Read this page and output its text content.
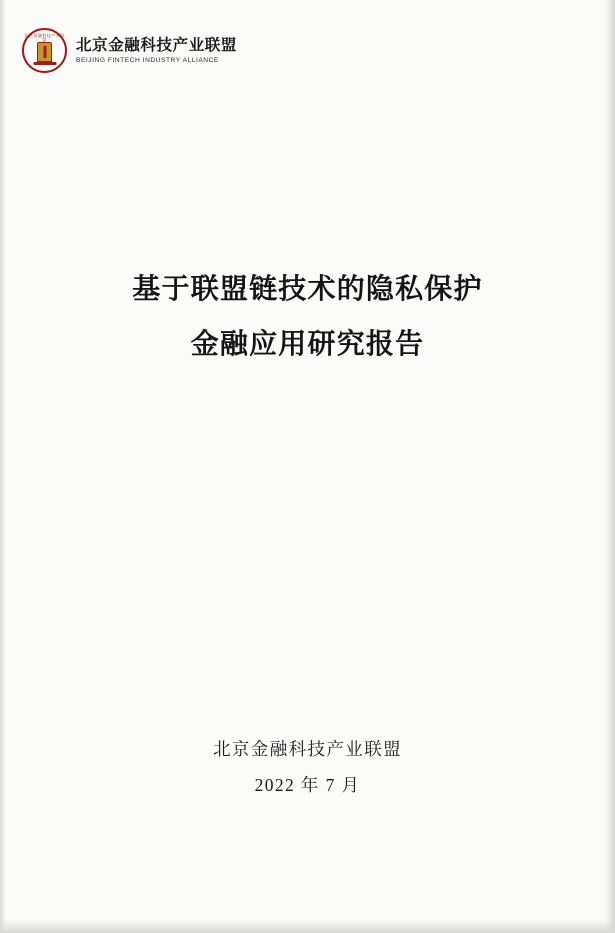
北京金融科技产业联盟	北京金融科技产业联盟
BEIJING FINTECH INDUSTRY ALLIANCE
基于联盟链技术的隐私保护
金融应用研究报告
北京金融科技产业联盟
2022 年 7 月
